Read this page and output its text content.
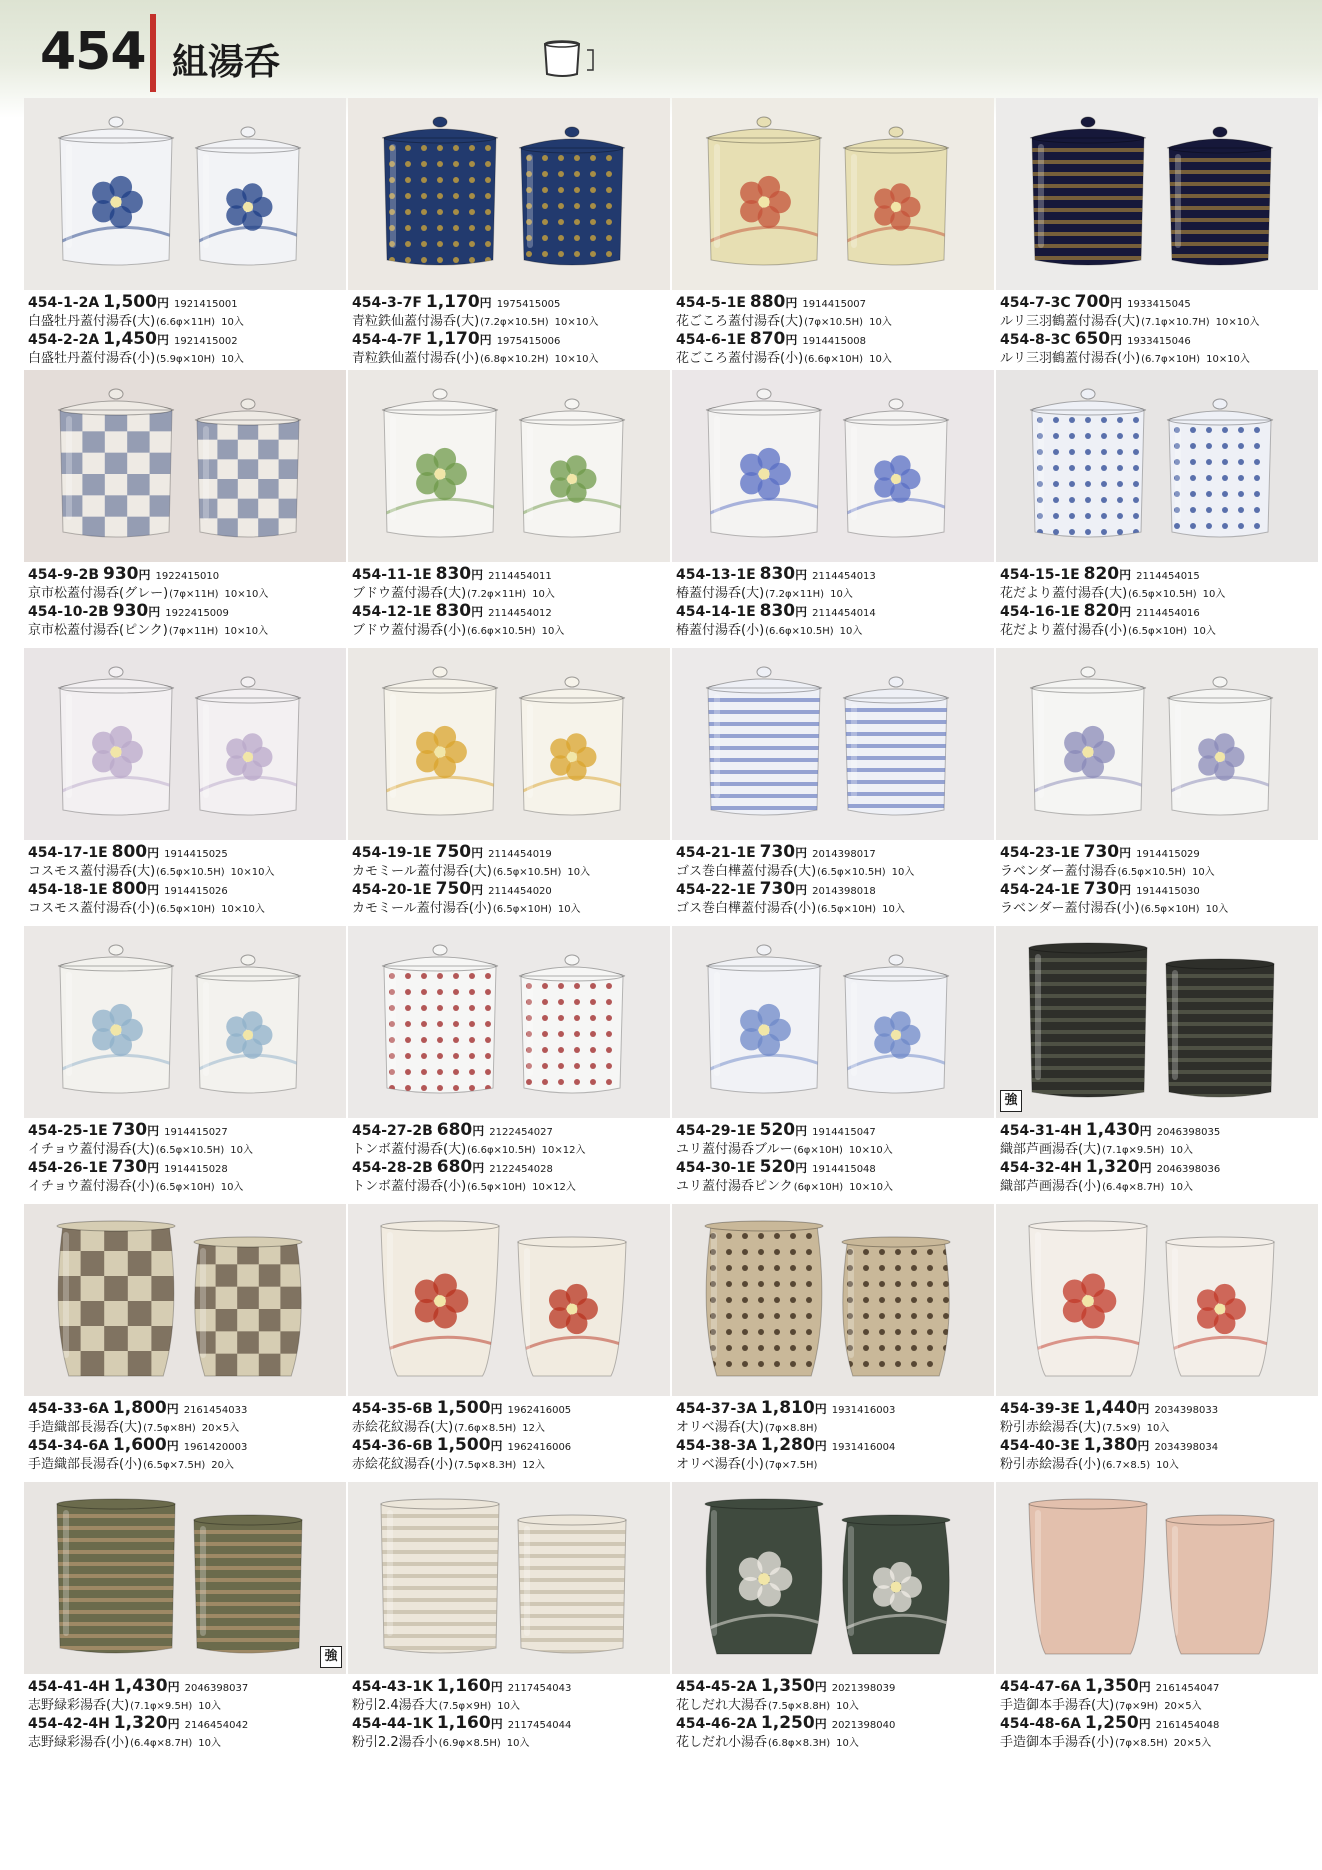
454 組湯呑
454-1-2A 1,500円 1921415001
白盛牡丹蓋付湯呑(大)(6.6φ×11H) 10入
454-2-2A 1,450円 1921415002
白盛牡丹蓋付湯呑(小)(5.9φ×10H) 10入
454-3-7F 1,170円 1975415005
青粒鉄仙蓋付湯呑(大)(7.2φ×10.5H) 10×10入
454-4-7F 1,170円 1975415006
青粒鉄仙蓋付湯呑(小)(6.8φ×10.2H) 10×10入
454-5-1E 880円 1914415007
花ごころ蓋付湯呑(大)(7φ×10.5H) 10入
454-6-1E 870円 1914415008
花ごころ蓋付湯呑(小)(6.6φ×10H) 10入
454-7-3C 700円 1933415045
ルリ三羽鶴蓋付湯呑(大)(7.1φ×10.7H) 10×10入
454-8-3C 650円 1933415046
ルリ三羽鶴蓋付湯呑(小)(6.7φ×10H) 10×10入
454-9-2B 930円 1922415010
京市松蓋付湯呑(グレー)(7φ×11H) 10×10入
454-10-2B 930円 1922415009
京市松蓋付湯呑(ピンク)(7φ×11H) 10×10入
454-11-1E 830円 2114454011
ブドウ蓋付湯呑(大)(7.2φ×11H) 10入
454-12-1E 830円 2114454012
ブドウ蓋付湯呑(小)(6.6φ×10.5H) 10入
454-13-1E 830円 2114454013
椿蓋付湯呑(大)(7.2φ×11H) 10入
454-14-1E 830円 2114454014
椿蓋付湯呑(小)(6.6φ×10.5H) 10入
454-15-1E 820円 2114454015
花だより蓋付湯呑(大)(6.5φ×10.5H) 10入
454-16-1E 820円 2114454016
花だより蓋付湯呑(小)(6.5φ×10H) 10入
454-17-1E 800円 1914415025
コスモス蓋付湯呑(大)(6.5φ×10.5H) 10×10入
454-18-1E 800円 1914415026
コスモス蓋付湯呑(小)(6.5φ×10H) 10×10入
454-19-1E 750円 2114454019
カモミール蓋付湯呑(大)(6.5φ×10.5H) 10入
454-20-1E 750円 2114454020
カモミール蓋付湯呑(小)(6.5φ×10H) 10入
454-21-1E 730円 2014398017
ゴス巻白樺蓋付湯呑(大)(6.5φ×10.5H) 10入
454-22-1E 730円 2014398018
ゴス巻白樺蓋付湯呑(小)(6.5φ×10H) 10入
454-23-1E 730円 1914415029
ラベンダー蓋付湯呑(6.5φ×10.5H) 10入
454-24-1E 730円 1914415030
ラベンダー蓋付湯呑(小)(6.5φ×10H) 10入
454-25-1E 730円 1914415027
イチョウ蓋付湯呑(大)(6.5φ×10.5H) 10入
454-26-1E 730円 1914415028
イチョウ蓋付湯呑(小)(6.5φ×10H) 10入
454-27-2B 680円 2122454027
トンボ蓋付湯呑(大)(6.6φ×10.5H) 10×12入
454-28-2B 680円 2122454028
トンボ蓋付湯呑(小)(6.5φ×10H) 10×12入
454-29-1E 520円 1914415047
ユリ蓋付湯呑ブルー(6φ×10H) 10×10入
454-30-1E 520円 1914415048
ユリ蓋付湯呑ピンク(6φ×10H) 10×10入
強
454-31-4H 1,430円 2046398035
織部芦画湯呑(大)(7.1φ×9.5H) 10入
454-32-4H 1,320円 2046398036
織部芦画湯呑(小)(6.4φ×8.7H) 10入
454-33-6A 1,800円 2161454033
手造織部長湯呑(大)(7.5φ×8H) 20×5入
454-34-6A 1,600円 1961420003
手造織部長湯呑(小)(6.5φ×7.5H) 20入
454-35-6B 1,500円 1962416005
赤絵花紋湯呑(大)(7.6φ×8.5H) 12入
454-36-6B 1,500円 1962416006
赤絵花紋湯呑(小)(7.5φ×8.3H) 12入
454-37-3A 1,810円 1931416003
オリベ湯呑(大)(7φ×8.8H)
454-38-3A 1,280円 1931416004
オリベ湯呑(小)(7φ×7.5H)
454-39-3E 1,440円 2034398033
粉引赤絵湯呑(大)(7.5×9) 10入
454-40-3E 1,380円 2034398034
粉引赤絵湯呑(小)(6.7×8.5) 10入
強
454-41-4H 1,430円 2046398037
志野緑彩湯呑(大)(7.1φ×9.5H) 10入
454-42-4H 1,320円 2146454042
志野緑彩湯呑(小)(6.4φ×8.7H) 10入
454-43-1K 1,160円 2117454043
粉引2.4湯呑大(7.5φ×9H) 10入
454-44-1K 1,160円 2117454044
粉引2.2湯呑小(6.9φ×8.5H) 10入
454-45-2A 1,350円 2021398039
花しだれ大湯呑(7.5φ×8.8H) 10入
454-46-2A 1,250円 2021398040
花しだれ小湯呑(6.8φ×8.3H) 10入
454-47-6A 1,350円 2161454047
手造御本手湯呑(大)(7φ×9H) 20×5入
454-48-6A 1,250円 2161454048
手造御本手湯呑(小)(7φ×8.5H) 20×5入
